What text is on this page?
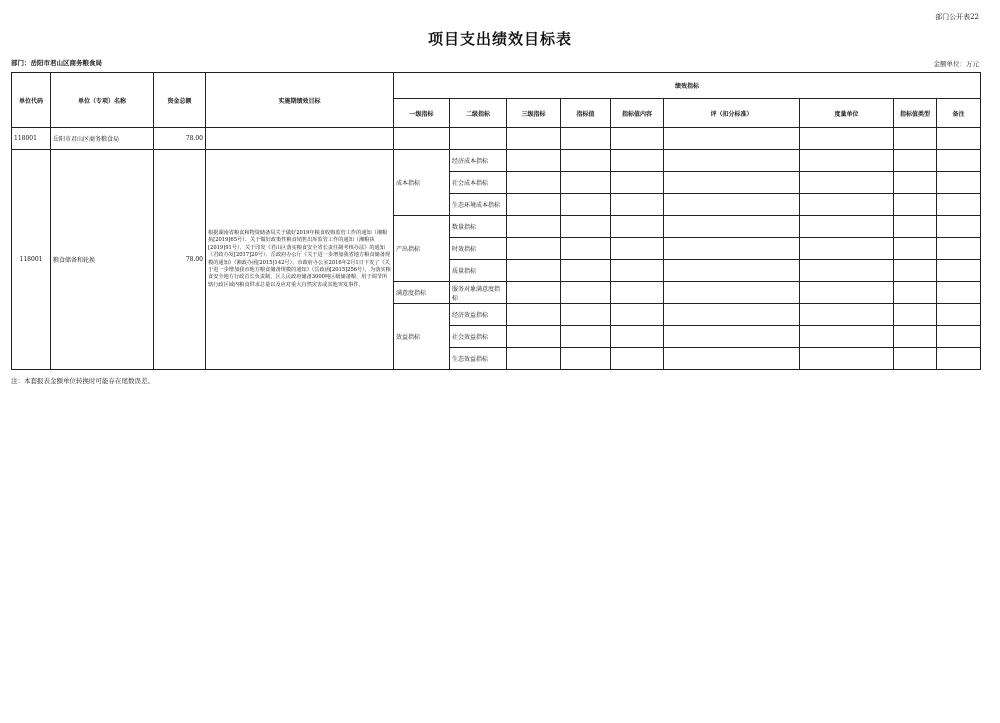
部门公开表22
项目支出绩效目标表
部门：岳阳市君山区商务粮食局	金额单位：万元
单位代码	单位（专项）名称	资金总额	实施期绩效目标	绩效指标								
				一级指标	二级指标	三级指标	指标值	指标值内容	评（扣分标准）	度量单位	指标值类型	备注
118001	岳阳市君山区商务粮食局	78.00										
118001	粮食储备和轮换	78.00	根据湖南省粮食和物资储备局关于做好2019年粮食收购监管工作的通知（湘粮执[2019]65号）、关于做好政策性粮食销售出库监管工作的通知（湘粮执[2019]91号）、关于印发《君山区落实粮食安全省长责任制考核办法》的通知（君政办发[2017]20号）、岳政府办公厅《关于进一步增加我省地方粮食储备规模的通知》（湘政办函[2015]142号）、市政府办公室2016年2月1日下发了《关于进一步增加我市地方粮食储备规模的通知》（岳政函[2015]256号），为落实粮食安全地方行政首长负责制，区人民政府储备3000吨区级储备粮，用于调节所辖行政区域内粮食供求总量以及应对重大自然灾害或其他突发事件。	成本指标	经济成本指标							
					社会成本指标							
					生态环境成本指标							
				产出指标	数量指标							
					时效指标							
					质量指标							
				满意度指标	服务对象满意度指标							
				效益指标	经济效益指标							
					社会效益指标							
					生态效益指标							
注：本套报表金额单位转换时可能存在尾数误差。
